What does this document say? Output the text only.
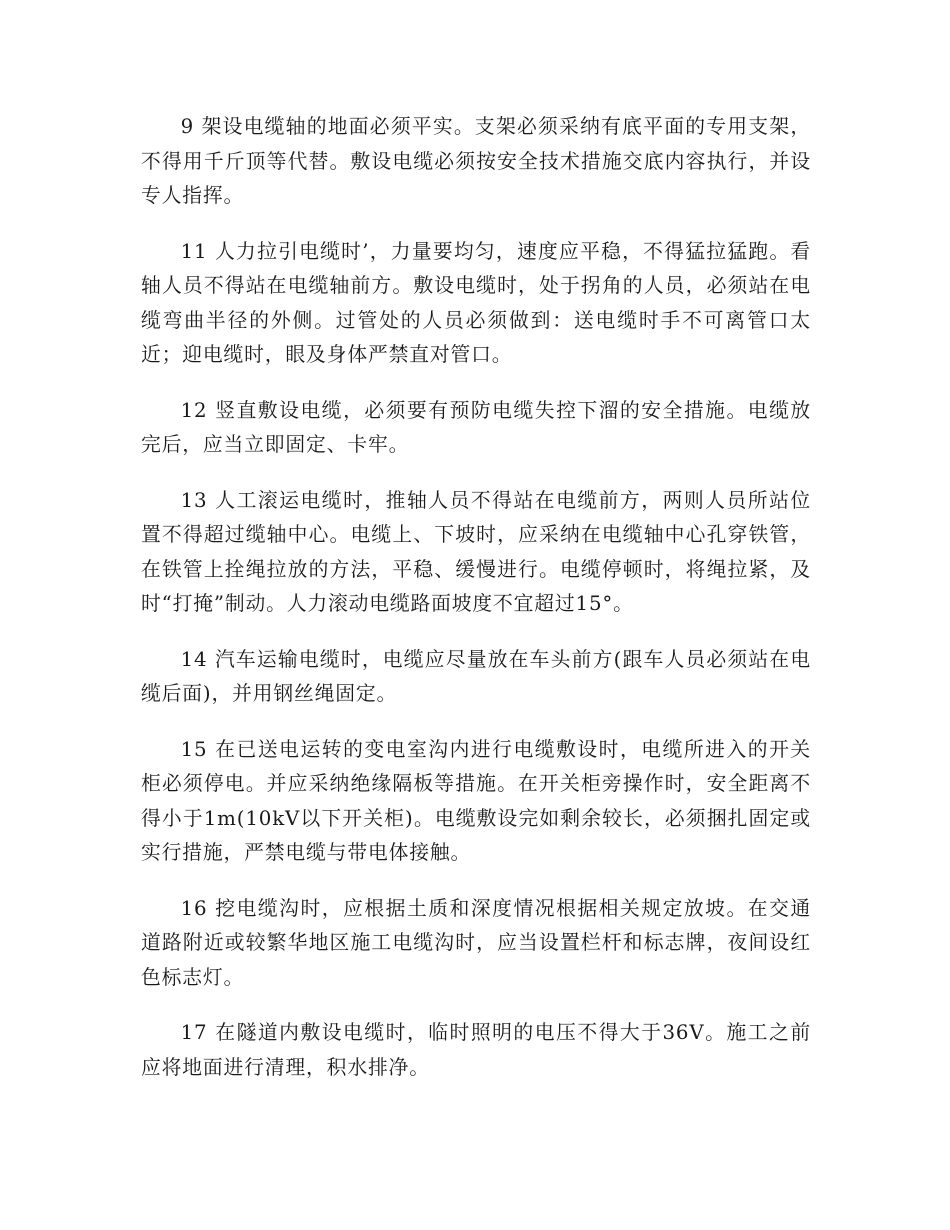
9 架设电缆轴的地面必须平实。支架必须采纳有底平面的专用支架，不得用千斤顶等代替。敷设电缆必须按安全技术措施交底内容执行，并设专人指挥。

11 人力拉引电缆时’，力量要均匀，速度应平稳，不得猛拉猛跑。看轴人员不得站在电缆轴前方。敷设电缆时，处于拐角的人员，必须站在电缆弯曲半径的外侧。过管处的人员必须做到：送电缆时手不可离管口太近；迎电缆时，眼及身体严禁直对管口。

12 竖直敷设电缆，必须要有预防电缆失控下溜的安全措施。电缆放完后，应当立即固定、卡牢。

13 人工滚运电缆时，推轴人员不得站在电缆前方，两则人员所站位置不得超过缆轴中心。电缆上、下坡时，应采纳在电缆轴中心孔穿铁管，在铁管上拴绳拉放的方法，平稳、缓慢进行。电缆停顿时，将绳拉紧，及时“打掩”制动。人力滚动电缆路面坡度不宜超过15°。

14 汽车运输电缆时，电缆应尽量放在车头前方(跟车人员必须站在电缆后面)，并用钢丝绳固定。

15 在已送电运转的变电室沟内进行电缆敷设时，电缆所进入的开关柜必须停电。并应采纳绝缘隔板等措施。在开关柜旁操作时，安全距离不得小于1m(10kV以下开关柜)。电缆敷设完如剩余较长，必须捆扎固定或实行措施，严禁电缆与带电体接触。

16 挖电缆沟时，应根据土质和深度情况根据相关规定放坡。在交通道路附近或较繁华地区施工电缆沟时，应当设置栏杆和标志牌，夜间设红色标志灯。

17 在隧道内敷设电缆时，临时照明的电压不得大于36V。施工之前应将地面进行清理，积水排净。
